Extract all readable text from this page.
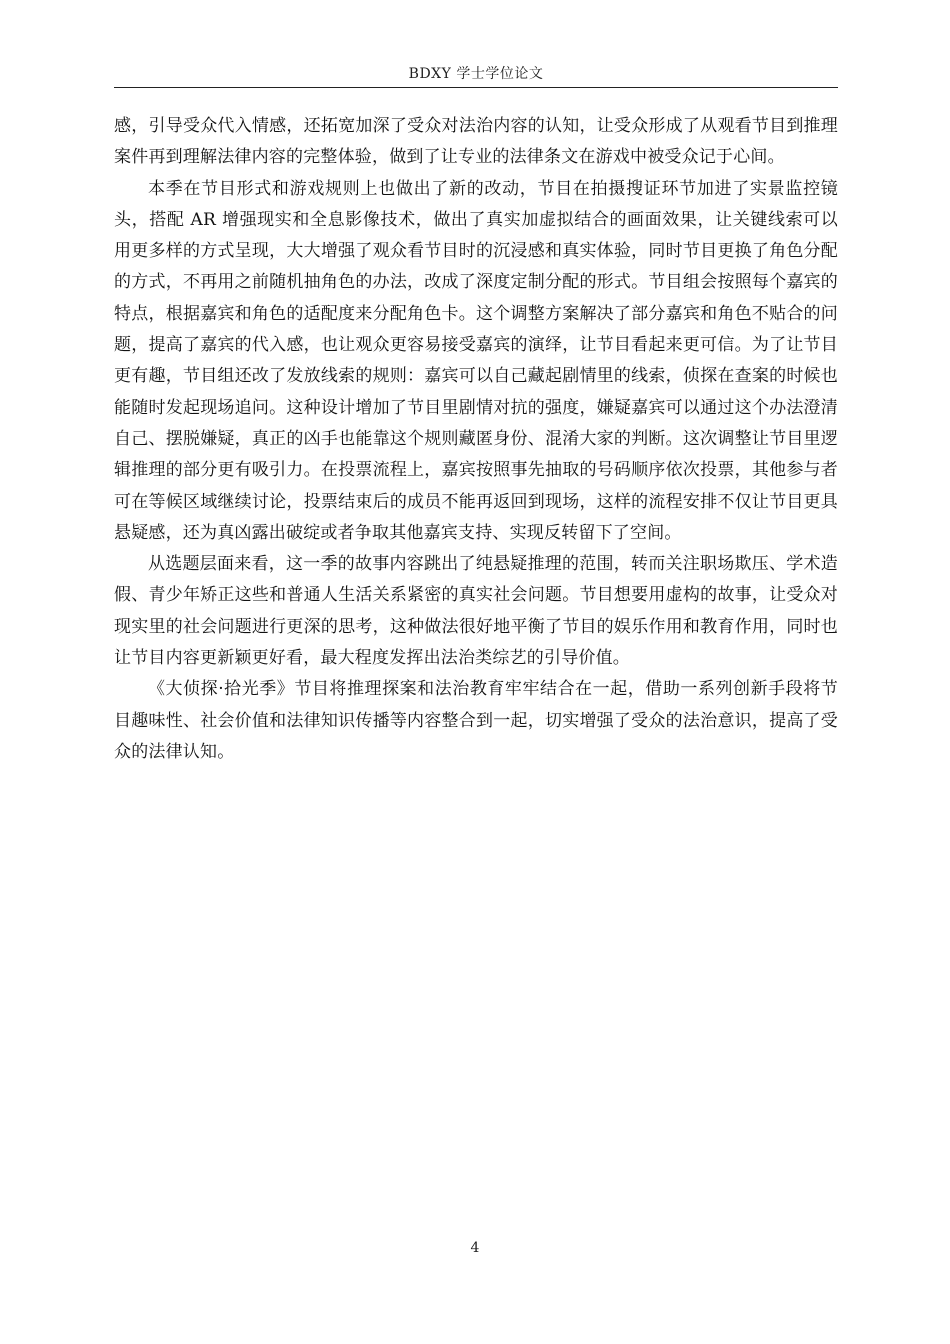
BDXY 学士学位论文

感，引导受众代入情感，还拓宽加深了受众对法治内容的认知，让受众形成了从观看节目到推理案件再到理解法律内容的完整体验，做到了让专业的法律条文在游戏中被受众记于心间。

本季在节目形式和游戏规则上也做出了新的改动，节目在拍摄搜证环节加进了实景监控镜头，搭配 AR 增强现实和全息影像技术，做出了真实加虚拟结合的画面效果，让关键线索可以用更多样的方式呈现，大大增强了观众看节目时的沉浸感和真实体验，同时节目更换了角色分配的方式，不再用之前随机抽角色的办法，改成了深度定制分配的形式。节目组会按照每个嘉宾的特点，根据嘉宾和角色的适配度来分配角色卡。这个调整方案解决了部分嘉宾和角色不贴合的问题，提高了嘉宾的代入感，也让观众更容易接受嘉宾的演绎，让节目看起来更可信。为了让节目更有趣，节目组还改了发放线索的规则：嘉宾可以自己藏起剧情里的线索，侦探在查案的时候也能随时发起现场追问。这种设计增加了节目里剧情对抗的强度，嫌疑嘉宾可以通过这个办法澄清自己、摆脱嫌疑，真正的凶手也能靠这个规则藏匿身份、混淆大家的判断。这次调整让节目里逻辑推理的部分更有吸引力。在投票流程上，嘉宾按照事先抽取的号码顺序依次投票，其他参与者可在等候区域继续讨论，投票结束后的成员不能再返回到现场，这样的流程安排不仅让节目更具悬疑感，还为真凶露出破绽或者争取其他嘉宾支持、实现反转留下了空间。

从选题层面来看，这一季的故事内容跳出了纯悬疑推理的范围，转而关注职场欺压、学术造假、青少年矫正这些和普通人生活关系紧密的真实社会问题。节目想要用虚构的故事，让受众对现实里的社会问题进行更深的思考，这种做法很好地平衡了节目的娱乐作用和教育作用，同时也让节目内容更新颖更好看，最大程度发挥出法治类综艺的引导价值。

《大侦探·拾光季》节目将推理探案和法治教育牢牢结合在一起，借助一系列创新手段将节目趣味性、社会价值和法律知识传播等内容整合到一起，切实增强了受众的法治意识，提高了受众的法律认知。

4
